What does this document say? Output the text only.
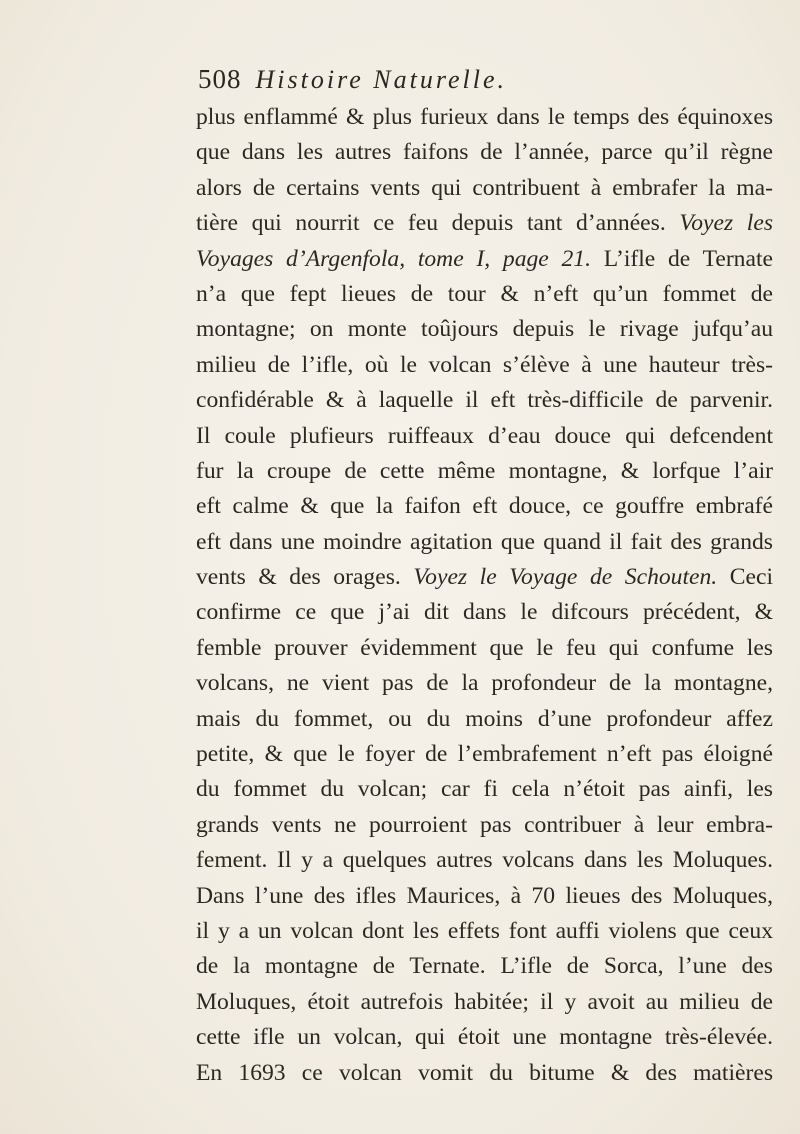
508 Histoire Naturelle.
plus enflammé & plus furieux dans le temps des équinoxes
que dans les autres faifons de l’année, parce qu’il règne
alors de certains vents qui contribuent à embrafer la ma-
tière qui nourrit ce feu depuis tant d’années. Voyez les
Voyages d’Argenfola, tome I, page 21. L’ifle de Ternate
n’a que fept lieues de tour & n’eft qu’un fommet de
montagne; on monte toûjours depuis le rivage jufqu’au
milieu de l’ifle, où le volcan s’élève à une hauteur très-
confidérable & à laquelle il eft très-difficile de parvenir.
Il coule plufieurs ruiffeaux d’eau douce qui defcendent
fur la croupe de cette même montagne, & lorfque l’air
eft calme & que la faifon eft douce, ce gouffre embrafé
eft dans une moindre agitation que quand il fait des grands
vents & des orages. Voyez le Voyage de Schouten. Ceci
confirme ce que j’ai dit dans le difcours précédent, &
femble prouver évidemment que le feu qui confume les
volcans, ne vient pas de la profondeur de la montagne,
mais du fommet, ou du moins d’une profondeur affez
petite, & que le foyer de l’embrafement n’eft pas éloigné
du fommet du volcan; car fi cela n’étoit pas ainfi, les
grands vents ne pourroient pas contribuer à leur embra-
fement. Il y a quelques autres volcans dans les Moluques.
Dans l’une des ifles Maurices, à 70 lieues des Moluques,
il y a un volcan dont les effets font auffi violens que ceux
de la montagne de Ternate. L’ifle de Sorca, l’une des
Moluques, étoit autrefois habitée; il y avoit au milieu de
cette ifle un volcan, qui étoit une montagne très-élevée.
En 1693 ce volcan vomit du bitume & des matières
